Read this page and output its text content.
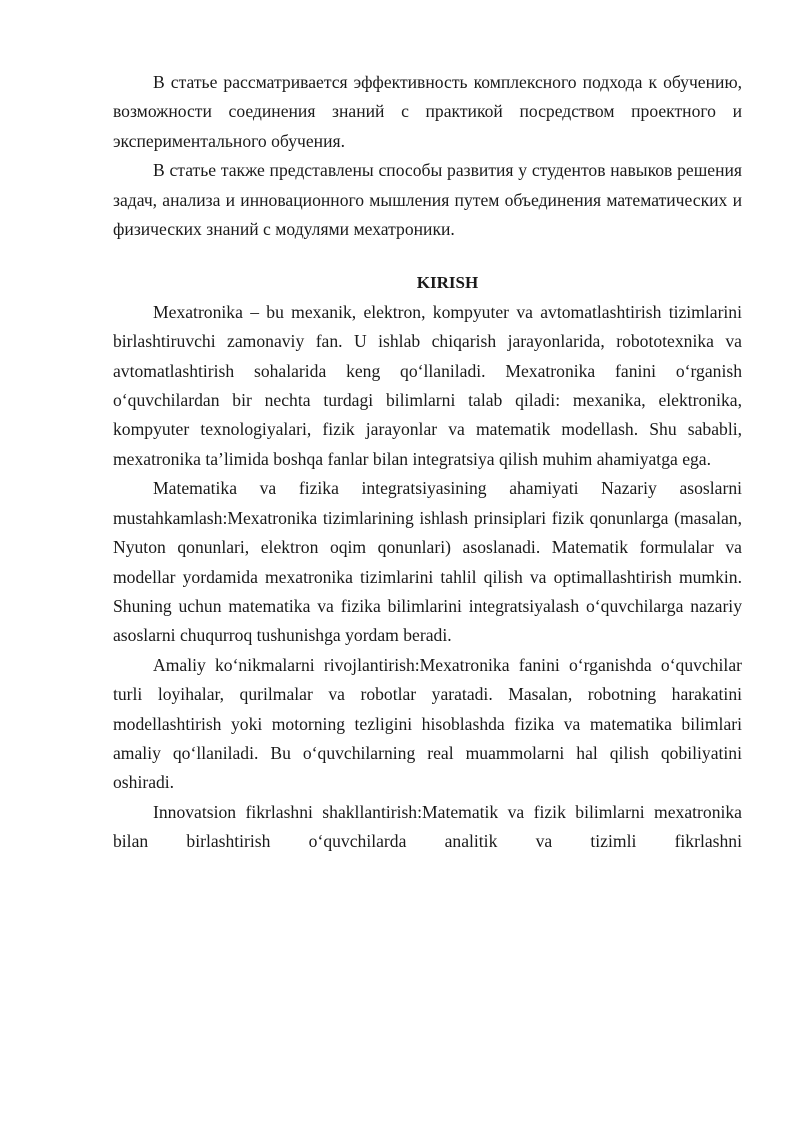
В статье рассматривается эффективность комплексного подхода к обучению, возможности соединения знаний с практикой посредством проектного и экспериментального обучения.

В статье также представлены способы развития у студентов навыков решения задач, анализа и инновационного мышления путем объединения математических и физических знаний с модулями мехатроники.

KIRISH

Mexatronika – bu mexanik, elektron, kompyuter va avtomatlashtirish tizimlarini birlashtiruvchi zamonaviy fan. U ishlab chiqarish jarayonlarida, robototexnika va avtomatlashtirish sohalarida keng qo‘llaniladi. Mexatronika fanini o‘rganish o‘quvchilardan bir nechta turdagi bilimlarni talab qiladi: mexanika, elektronika, kompyuter texnologiyalari, fizik jarayonlar va matematik modellash. Shu sababli, mexatronika ta’limida boshqa fanlar bilan integratsiya qilish muhim ahamiyatga ega.

Matematika va fizika integratsiyasining ahamiyati Nazariy asoslarni mustahkamlash:Mexatronika tizimlarining ishlash prinsiplari fizik qonunlarga (masalan, Nyuton qonunlari, elektron oqim qonunlari) asoslanadi. Matematik formulalar va modellar yordamida mexatronika tizimlarini tahlil qilish va optimallashtirish mumkin. Shuning uchun matematika va fizika bilimlarini integratsiyalash o‘quvchilarga nazariy asoslarni chuqurroq tushunishga yordam beradi.

Amaliy ko‘nikmalarni rivojlantirish:Mexatronika fanini o‘rganishda o‘quvchilar turli loyihalar, qurilmalar va robotlar yaratadi. Masalan, robotning harakatini modellashtirish yoki motorning tezligini hisoblashda fizika va matematika bilimlari amaliy qo‘llaniladi. Bu o‘quvchilarning real muammolarni hal qilish qobiliyatini oshiradi.

Innovatsion fikrlashni shakllantirish:Matematik va fizik bilimlarni mexatronika bilan birlashtirish o‘quvchilarda analitik va tizimli fikrlashni
